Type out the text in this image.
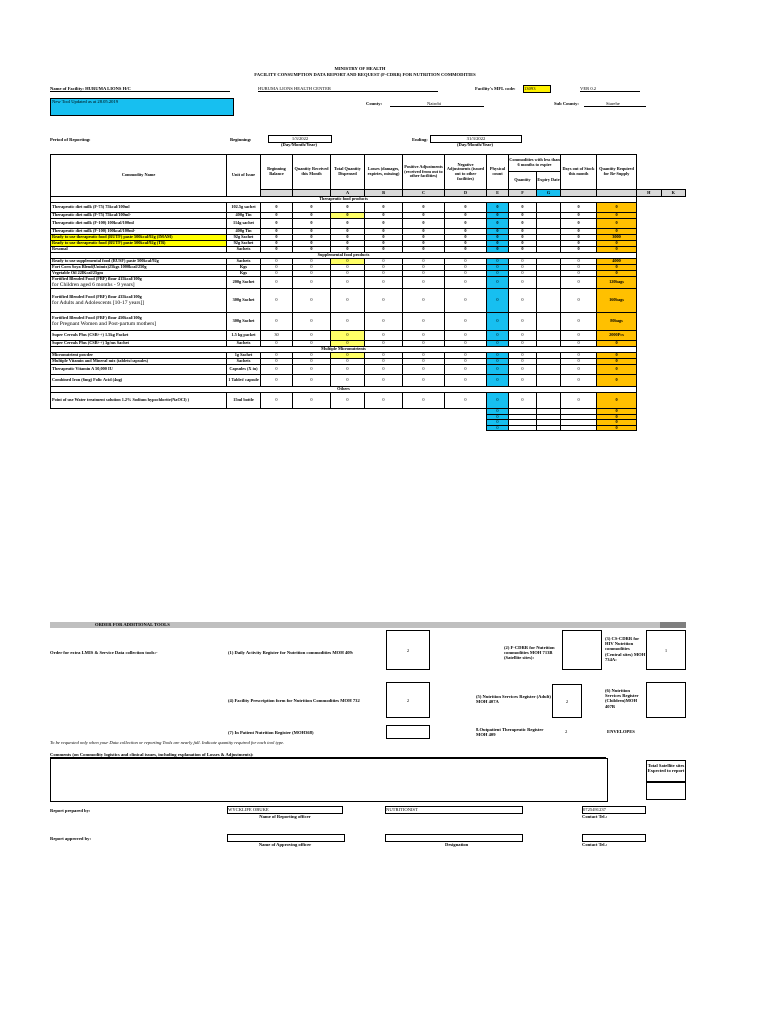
MINISTRY OF HEALTH
FACILITY CONSUMPTION DATA REPORT AND REQUEST (F-CDRR) FOR NUTRITION COMMODITIES
Name of Facility: HURUMA LIONS H/C	HURUMA LIONS HEALTH CENTER	Facility's MFL code: 13093	VER 0.2
New Tool Updated as at 28.05.2019	County:	Nairobi	Sub County:	Starehe
Period of Reporting:	Beginning:	1/3/2022
(Day/Month/Year)
Ending:	31/3/2022
(Day/Month/Year)
Commodity Name	Unit of Issue	Beginning Balance	Quantity Received this Month	Total Quantity Dispensed	Losses (damages, expiries, missing)	Positive Adjustments (received from out to other facilities)	Negative Adjustments (issued out to other facilities)	Physical count	Commodities with less than 6 months to expire
Quantity Expiry Date		Days out of Stock this month	Quantity Required for Re-Supply		
				A	B	C	D	E	F	G			H	K
Therapeutic food products														
Therapeutic diet milk (F-75) 75kcal/100ml	102.5g sachet	0	0	0	0	0	0	0	0		0	0		
Therapeutic diet milk (F-75) 75kcal/100ml-	400g Tin	0	0	0	0	0	0	0	0		0	0		
Therapeutic diet milk (F-100) 100kcal/100ml	114g sachet	0	0	0	0	0	0	0	0		0	0		
Therapeutic diet milk (F-100) 100kcal/100ml-	400g Tin	0	0	0	0	0	0	0	0		0	0		
Ready to use therapeutic food (RUTF) paste 500kcal/92g (IMAM)	92g Sachet	0	0	0	0	0	0	0	0		0	3000		
Ready to use therapeutic food (RUTF) paste 500kcal/92g (TB)	92g Sachet	0	0	0	0	0	0	0	0		0	0		
Resomal	Sachets	0	0	0	0	0	0	0	0		0	0		
Supplemental food products														
Ready to use supplemental food (RUSF) paste 500kcal/92g	Sachets	0	0	0	0	0	0	0	0		0	4000		
Fort Corn Soya Blend(Unimix)25kgs 1000kcal/250g	Kgs	0	0	0	0	0	0	0	0		0	0		
Vegetable Oil 22lKcal/25gm	Kgs	0	0	0	0	0	0	0	0		0	0		

Fortified Blended Food (FBF) flour 415kcal/100g
for Children aged 6 months - 9 years]	200g Sachet	0	0	0	0	0	0	0	0		0	120bags		

Fortified Blended Food (FBF) flour 435kcal/100g
for Adults and Adolescents [10-17 years]]	300g Sachet	0	0	0	0	0	0	0	0		0	160bags		

Fortified Blended Food (FBF) flour 450kcal/100g
for Pregnant Women and Post-partum mothers]	300g Sachet	0	0	0	0	0	0	0	0		0	80bags		
Super Cereals Plus (CSB++) 1.5kg Packet	1.5 kg packet	30	0	0	0	0	0	0	0		0	2000Pcs		
Super Cereals Plus (CSB++) 3g/ms Sachet	Sachets	0	0	0	0	0	0	0	0		0	0		
Multiple Micronutrients														
Micronutrient powder	1g Sachet	0	0	0	0	0	0	0	0		0	0		
Multiple Vitamin and Mineral mix (tablets/capsules)	Sachets	0	0	0	0	0	0	0	0		0	0		
Therapeutic Vitamin A 50,000 IU	Capsules (X iu)	0	0	0	0	0	0	0	0		0	0		
Combined Iron (6mg) Folic Acid (4ug)	1 Tablet/ capsule	0	0	0	0	0	0	0	0		0	0		
Others														
Point of use Water treatment solution 1.2% Sodium hypochlorite(NaOCl) )	15ml bottle	0	0	0	0	0	0	0	0		0	0		
								0				0		
								0				0		
								0				0		
								0				0		
ORDER FOR ADDITIONAL TOOLS
Order for extra LMIS & Service Data collection tools:-	(1) Daily Activity Register for Nutrition commodities MOH 409:	2
(2) F-CDRR for Nutrition commodities MOH 713B (Satellite sites):
(3) CS-CDRR for HIV Nutrition commodities (Central sites) MOH 734A:
1
(4) Facility Prescription form for Nutrition Commodities MOH 732	2
(5) Nutrition Services Register (Adult) MOH 407A	2
(6) Nutrition Services Register (Children)MOH 407B
(7) In Patient Nutrition Register (MOH368)
8.Outpatient Therapeutic Register MOH 409
2	ENVELOPES
To be requested only when your Data collection or reporting Tools are nearly full. Indicate quantity required for each tool type.
Comments (on Commodity logistics and clinical issues, including explanation of Losses & Adjustments):
Total Satellite sites Expected to report
Report prepared by:	WYCKLIFE OBUKE
Name of Reporting officer
NUTRITIONIST	0725491237
Contact Tel.:
Report approved by:
Name of Approving officer	Designation	Contact Tel.:
